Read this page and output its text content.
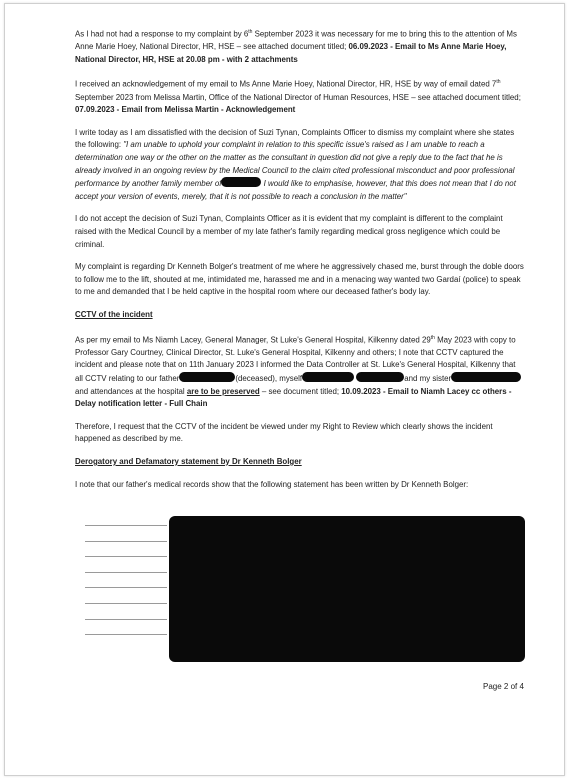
As I had not had a response to my complaint by 6th September 2023 it was necessary for me to bring this to the attention of Ms Anne Marie Hoey, National Director, HR, HSE – see attached document titled; 06.09.2023 - Email to Ms Anne Marie Hoey, National Director, HR, HSE at 20.08 pm - with 2 attachments

I received an acknowledgement of my email to Ms Anne Marie Hoey, National Director, HR, HSE by way of email dated 7th September 2023 from Melissa Martin, Office of the National Director of Human Resources, HSE – see attached document titled; 07.09.2023 - Email from Melissa Martin - Acknowledgement

I write today as I am dissatisfied with the decision of Suzi Tynan, Complaints Officer to dismiss my complaint where she states the following: "I am unable to uphold your complaint in relation to this specific issue's raised as I am unable to reach a determination one way or the other on the matter as the consultant in question did not give a reply due to the fact that he is already involved in an ongoing review by the Medical Council to the claim cited professional misconduct and poor professional performance by another family member of	I would like to emphasise, however, that this does not mean that I do not accept your version of events, merely, that it is not possible to reach a conclusion in the matter"

I do not accept the decision of Suzi Tynan, Complaints Officer as it is evident that my complaint is different to the complaint raised with the Medical Council by a member of my late father's family regarding medical gross negligence which could be criminal.

My complaint is regarding Dr Kenneth Bolger's treatment of me where he aggressively chased me, burst through the doble doors to follow me to the lift, shouted at me, intimidated me, harassed me and in a menacing way wanted two Gardaí (police) to speak to me and demanded that I be held captive in the hospital room where our deceased father's body lay.

CCTV of the incident

As per my email to Ms Niamh Lacey, General Manager, St Luke's General Hospital, Kilkenny dated 29th May 2023 with copy to Professor Gary Courtney, Clinical Director, St. Luke's General Hospital, Kilkenny and others; I note that CCTV captured the incident and please note that on 11th January 2023 I informed the Data Controller at St. Luke's General Hospital, Kilkenny that all CCTV relating to our father	(deceased), myself	and my sisterand attendances at the hospital are to be preserved – see document titled; 10.09.2023 - Email to Niamh Lacey cc others - Delay notification letter - Full Chain

Therefore, I request that the CCTV of the incident be viewed under my Right to Review which clearly shows the incident happened as described by me.

Derogatory and Defamatory statement by Dr Kenneth Bolger

I note that our father's medical records show that the following statement has been written by Dr Kenneth Bolger:

Page 2 of 4
